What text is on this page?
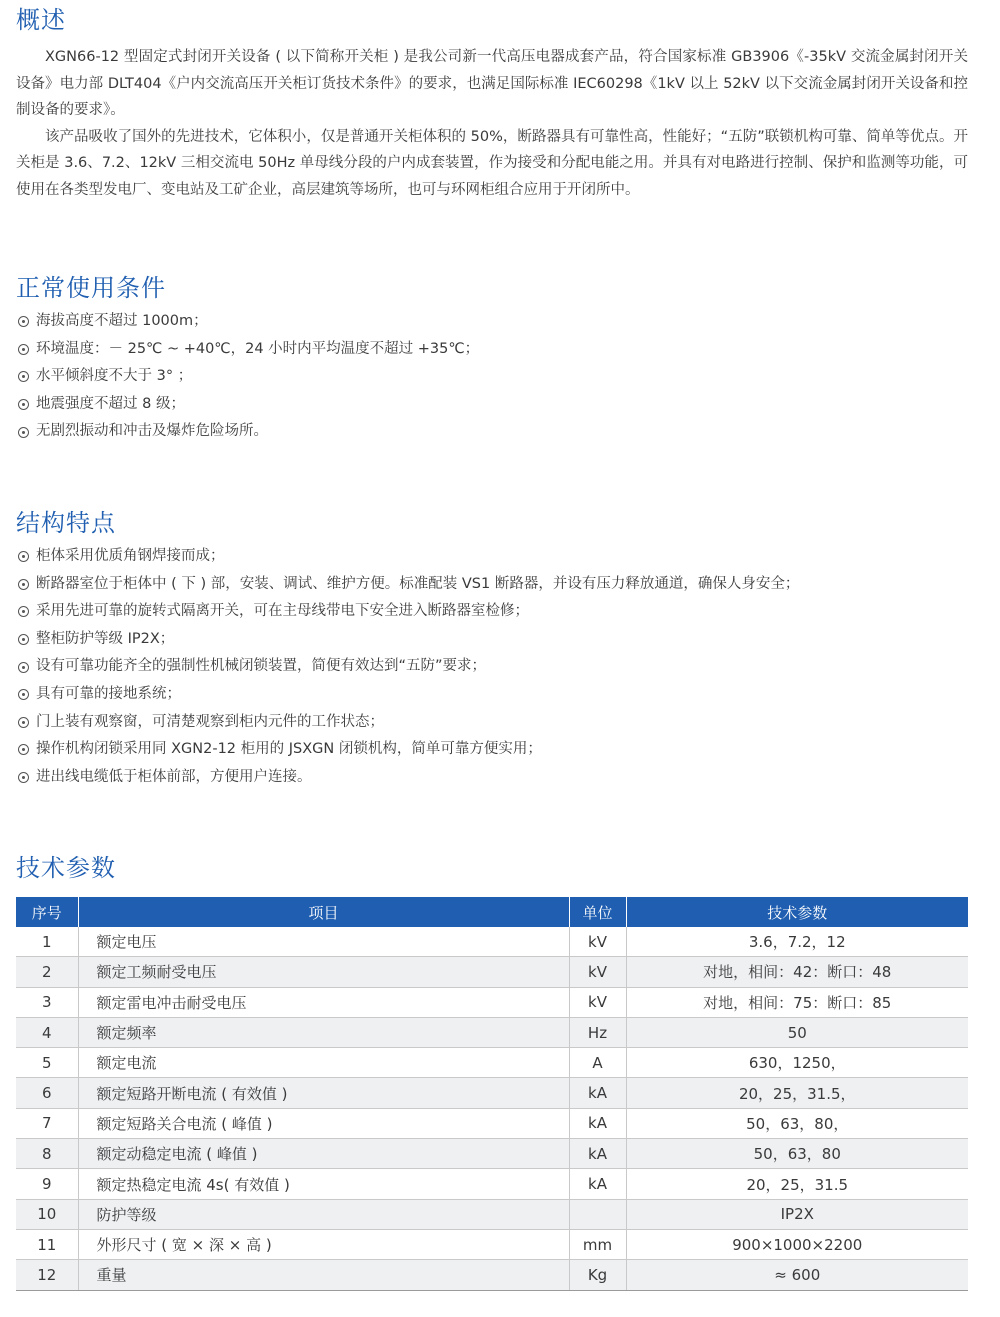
概述

XGN66-12 型固定式封闭开关设备 ( 以下简称开关柜 ) 是我公司新一代高压电器成套产品，符合国家标准 GB3906《-35kV 交流金属封闭开关设备》电力部 DLT404《户内交流高压开关柜订货技术条件》的要求，也满足国际标准 IEC60298《1kV 以上 52kV 以下交流金属封闭开关设备和控制设备的要求》。

该产品吸收了国外的先进技术，它体积小，仅是普通开关柜体积的 50%，断路器具有可靠性高，性能好；“五防”联锁机构可靠、简单等优点。开关柜是 3.6、7.2、12kV 三相交流电 50Hz 单母线分段的户内成套装置，作为接受和分配电能之用。并具有对电路进行控制、保护和监测等功能，可使用在各类型发电厂、变电站及工矿企业，高层建筑等场所，也可与环网柜组合应用于开闭所中。

正常使用条件
海拔高度不超过 1000m；
环境温度：－ 25℃ ~ +40℃，24 小时内平均温度不超过 +35℃；
水平倾斜度不大于 3° ；
地震强度不超过 8 级；
无剧烈振动和冲击及爆炸危险场所。
结构特点
柜体采用优质角钢焊接而成；
断路器室位于柜体中 ( 下 ) 部，安装、调试、维护方便。标准配装 VS1 断路器，并设有压力释放通道，确保人身安全；
采用先进可靠的旋转式隔离开关，可在主母线带电下安全进入断路器室检修；
整柜防护等级 IP2X；
设有可靠功能齐全的强制性机械闭锁装置，简便有效达到“五防”要求；
具有可靠的接地系统；
门上装有观察窗，可清楚观察到柜内元件的工作状态；
操作机构闭锁采用同 XGN2-12 柜用的 JSXGN 闭锁机构，简单可靠方便实用；
进出线电缆低于柜体前部，方便用户连接。
技术参数
序号	项目	单位	技术参数
1	额定电压	kV	3.6，7.2，12
2	额定工频耐受电压	kV	对地，相间：42：断口：48
3	额定雷电冲击耐受电压	kV	对地，相间：75：断口：85
4	额定频率	Hz	50
5	额定电流	A	630，1250，
6	额定短路开断电流 ( 有效值 )	kA	20，25，31.5，
7	额定短路关合电流 ( 峰值 )	kA	50，63，80，
8	额定动稳定电流 ( 峰值 )	kA	50，63，80
9	额定热稳定电流 4s( 有效值 )	kA	20，25，31.5
10	防护等级		IP2X
11	外形尺寸 ( 宽 × 深 × 高 )	mm	900×1000×2200
12	重量	Kg	≈ 600
